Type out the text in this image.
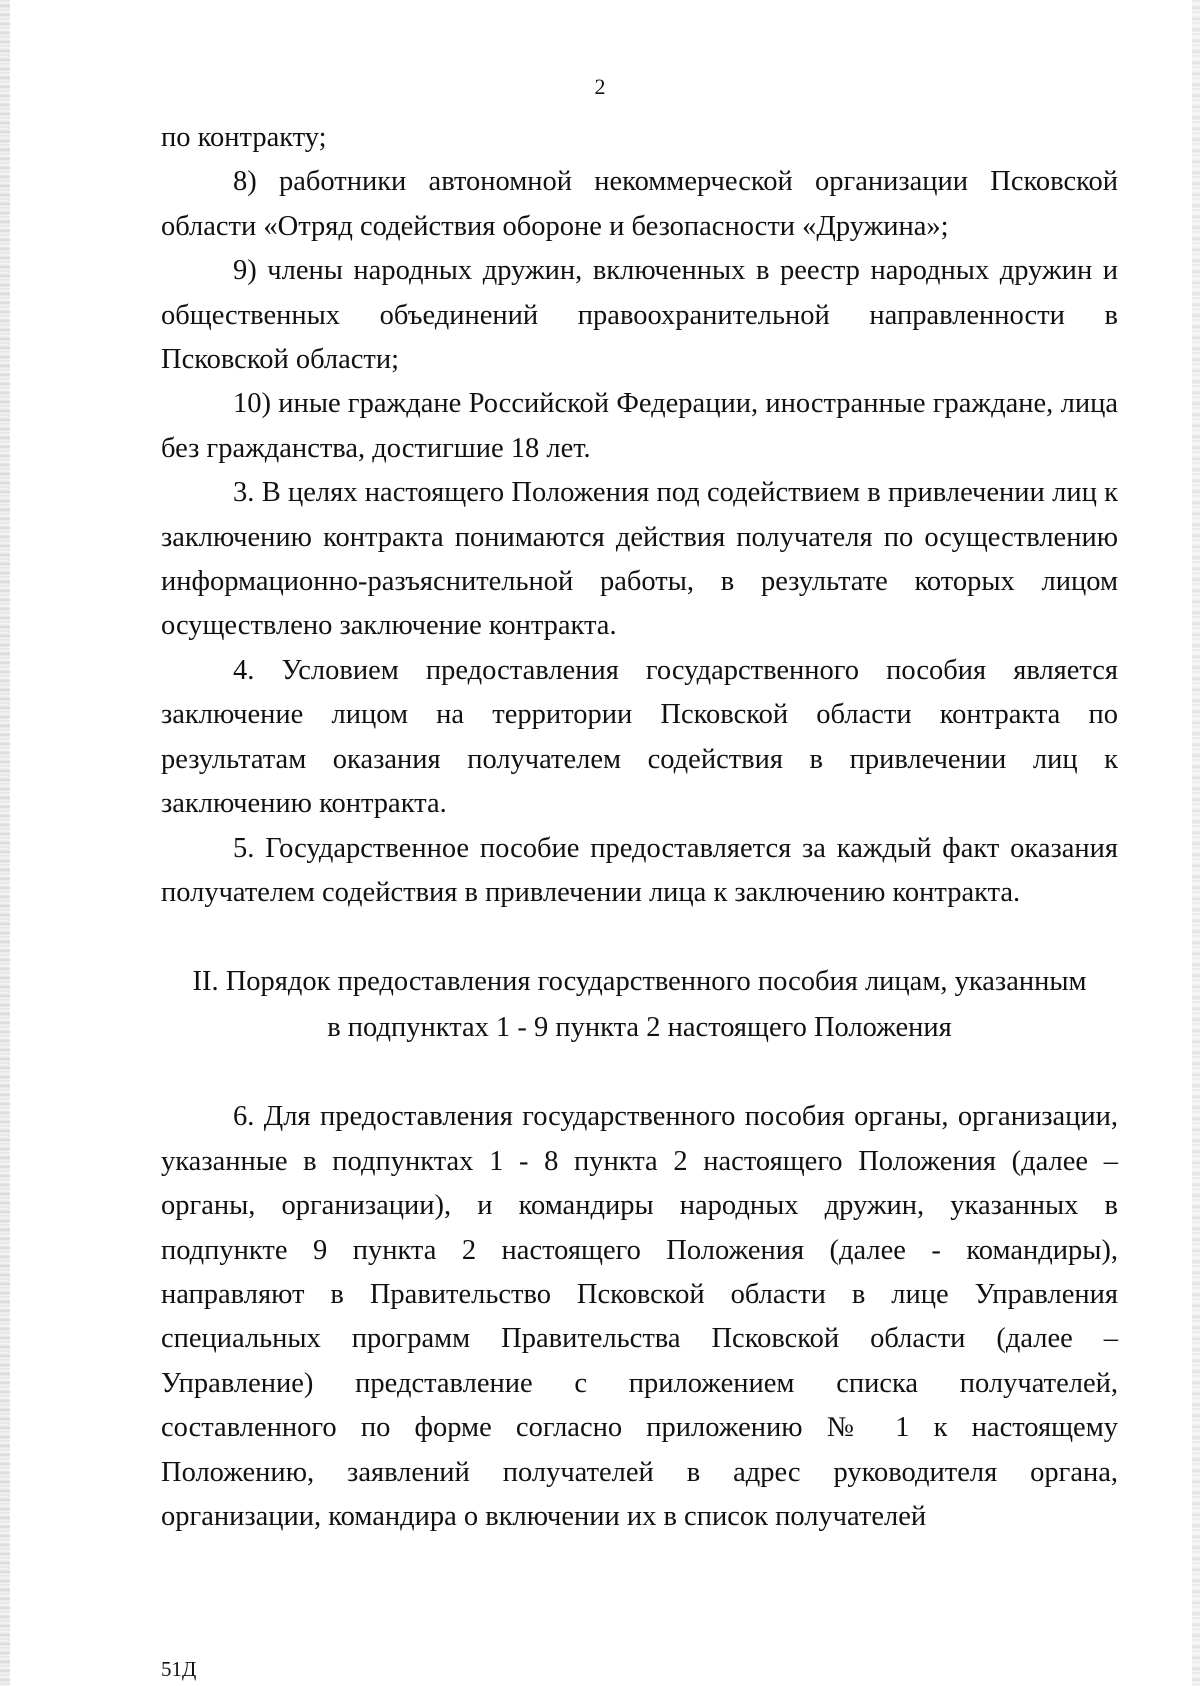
2

по контракту;

8) работники автономной некоммерческой организации Псковской области «Отряд содействия обороне и безопасности «Дружина»;

9) члены народных дружин, включенных в реестр народных дружин и общественных объединений правоохранительной направленности в Псковской области;

10) иные граждане Российской Федерации, иностранные граждане, лица без гражданства, достигшие 18 лет.

3. В целях настоящего Положения под содействием в привлечении лиц к заключению контракта понимаются действия получателя по осуществлению информационно-разъяснительной работы, в результате которых лицом осуществлено заключение контракта.

4. Условием предоставления государственного пособия является заключение лицом на территории Псковской области контракта по результатам оказания получателем содействия в привлечении лиц к заключению контракта.

5. Государственное пособие предоставляется за каждый факт оказания получателем содействия в привлечении лица к заключению контракта.

II. Порядок предоставления государственного пособия лицам, указанным
в подпунктах 1 - 9 пункта 2 настоящего Положения

6. Для предоставления государственного пособия органы, организации, указанные в подпунктах 1 - 8 пункта 2 настоящего Положения (далее – органы, организации), и командиры народных дружин, указанных в подпункте 9 пункта 2 настоящего Положения (далее - командиры), направляют в Правительство Псковской области в лице Управления специальных программ Правительства Псковской области (далее – Управление) представление с приложением списка получателей, составленного по форме согласно приложению № 1 к настоящему Положению, заявлений получателей в адрес руководителя органа, организации, командира о включении их в список получателей

51Д
